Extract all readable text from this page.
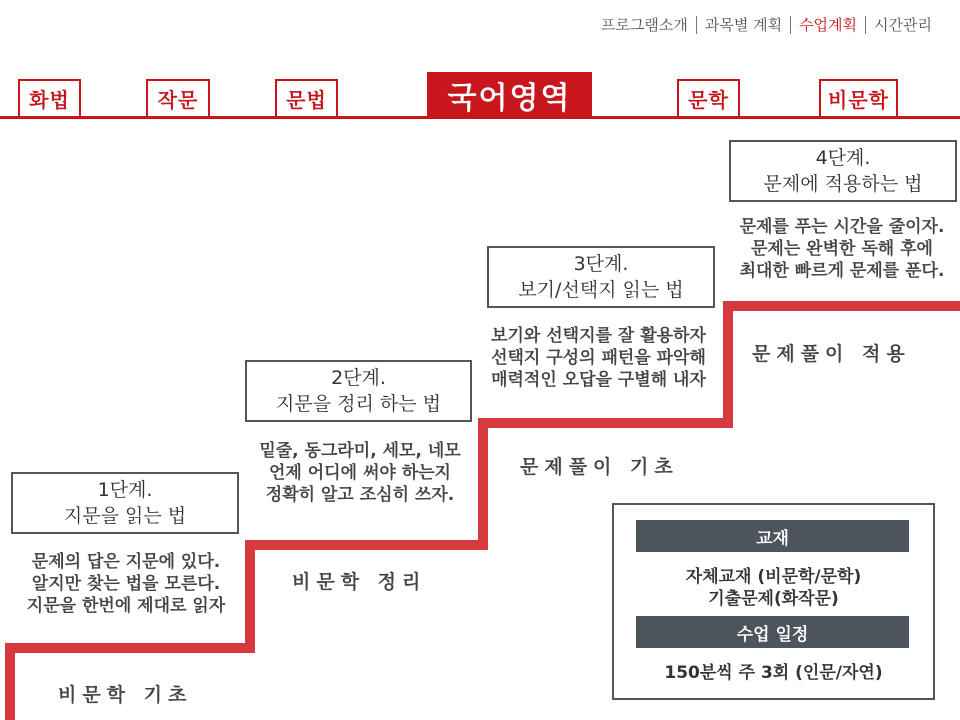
프로그램소개	과목별 계획	수업계획	시간관리
화법	작문	문법	국어영역	문학	비문학
1단계.
지문을 읽는 법
문제의 답은 지문에 있다.
알지만 찾는 법을 모른다.
지문을 한번에 제대로 읽자
비문학 기초
2단계.
지문을 정리 하는 법
밑줄, 동그라미, 세모, 네모
언제 어디에 써야 하는지
정확히 알고 조심히 쓰자.
비문학 정리
3단계.
보기/선택지 읽는 법
보기와 선택지를 잘 활용하자
선택지 구성의 패턴을 파악해
매력적인 오답을 구별해 내자
문제풀이 기초
4단계.
문제에 적용하는 법
문제를 푸는 시간을 줄이자.
문제는 완벽한 독해 후에
최대한 빠르게 문제를 푼다.
문제풀이 적용
교재
자체교재 (비문학/문학)
기출문제(화작문)
수업 일정
150분씩 주 3회 (인문/자연)
